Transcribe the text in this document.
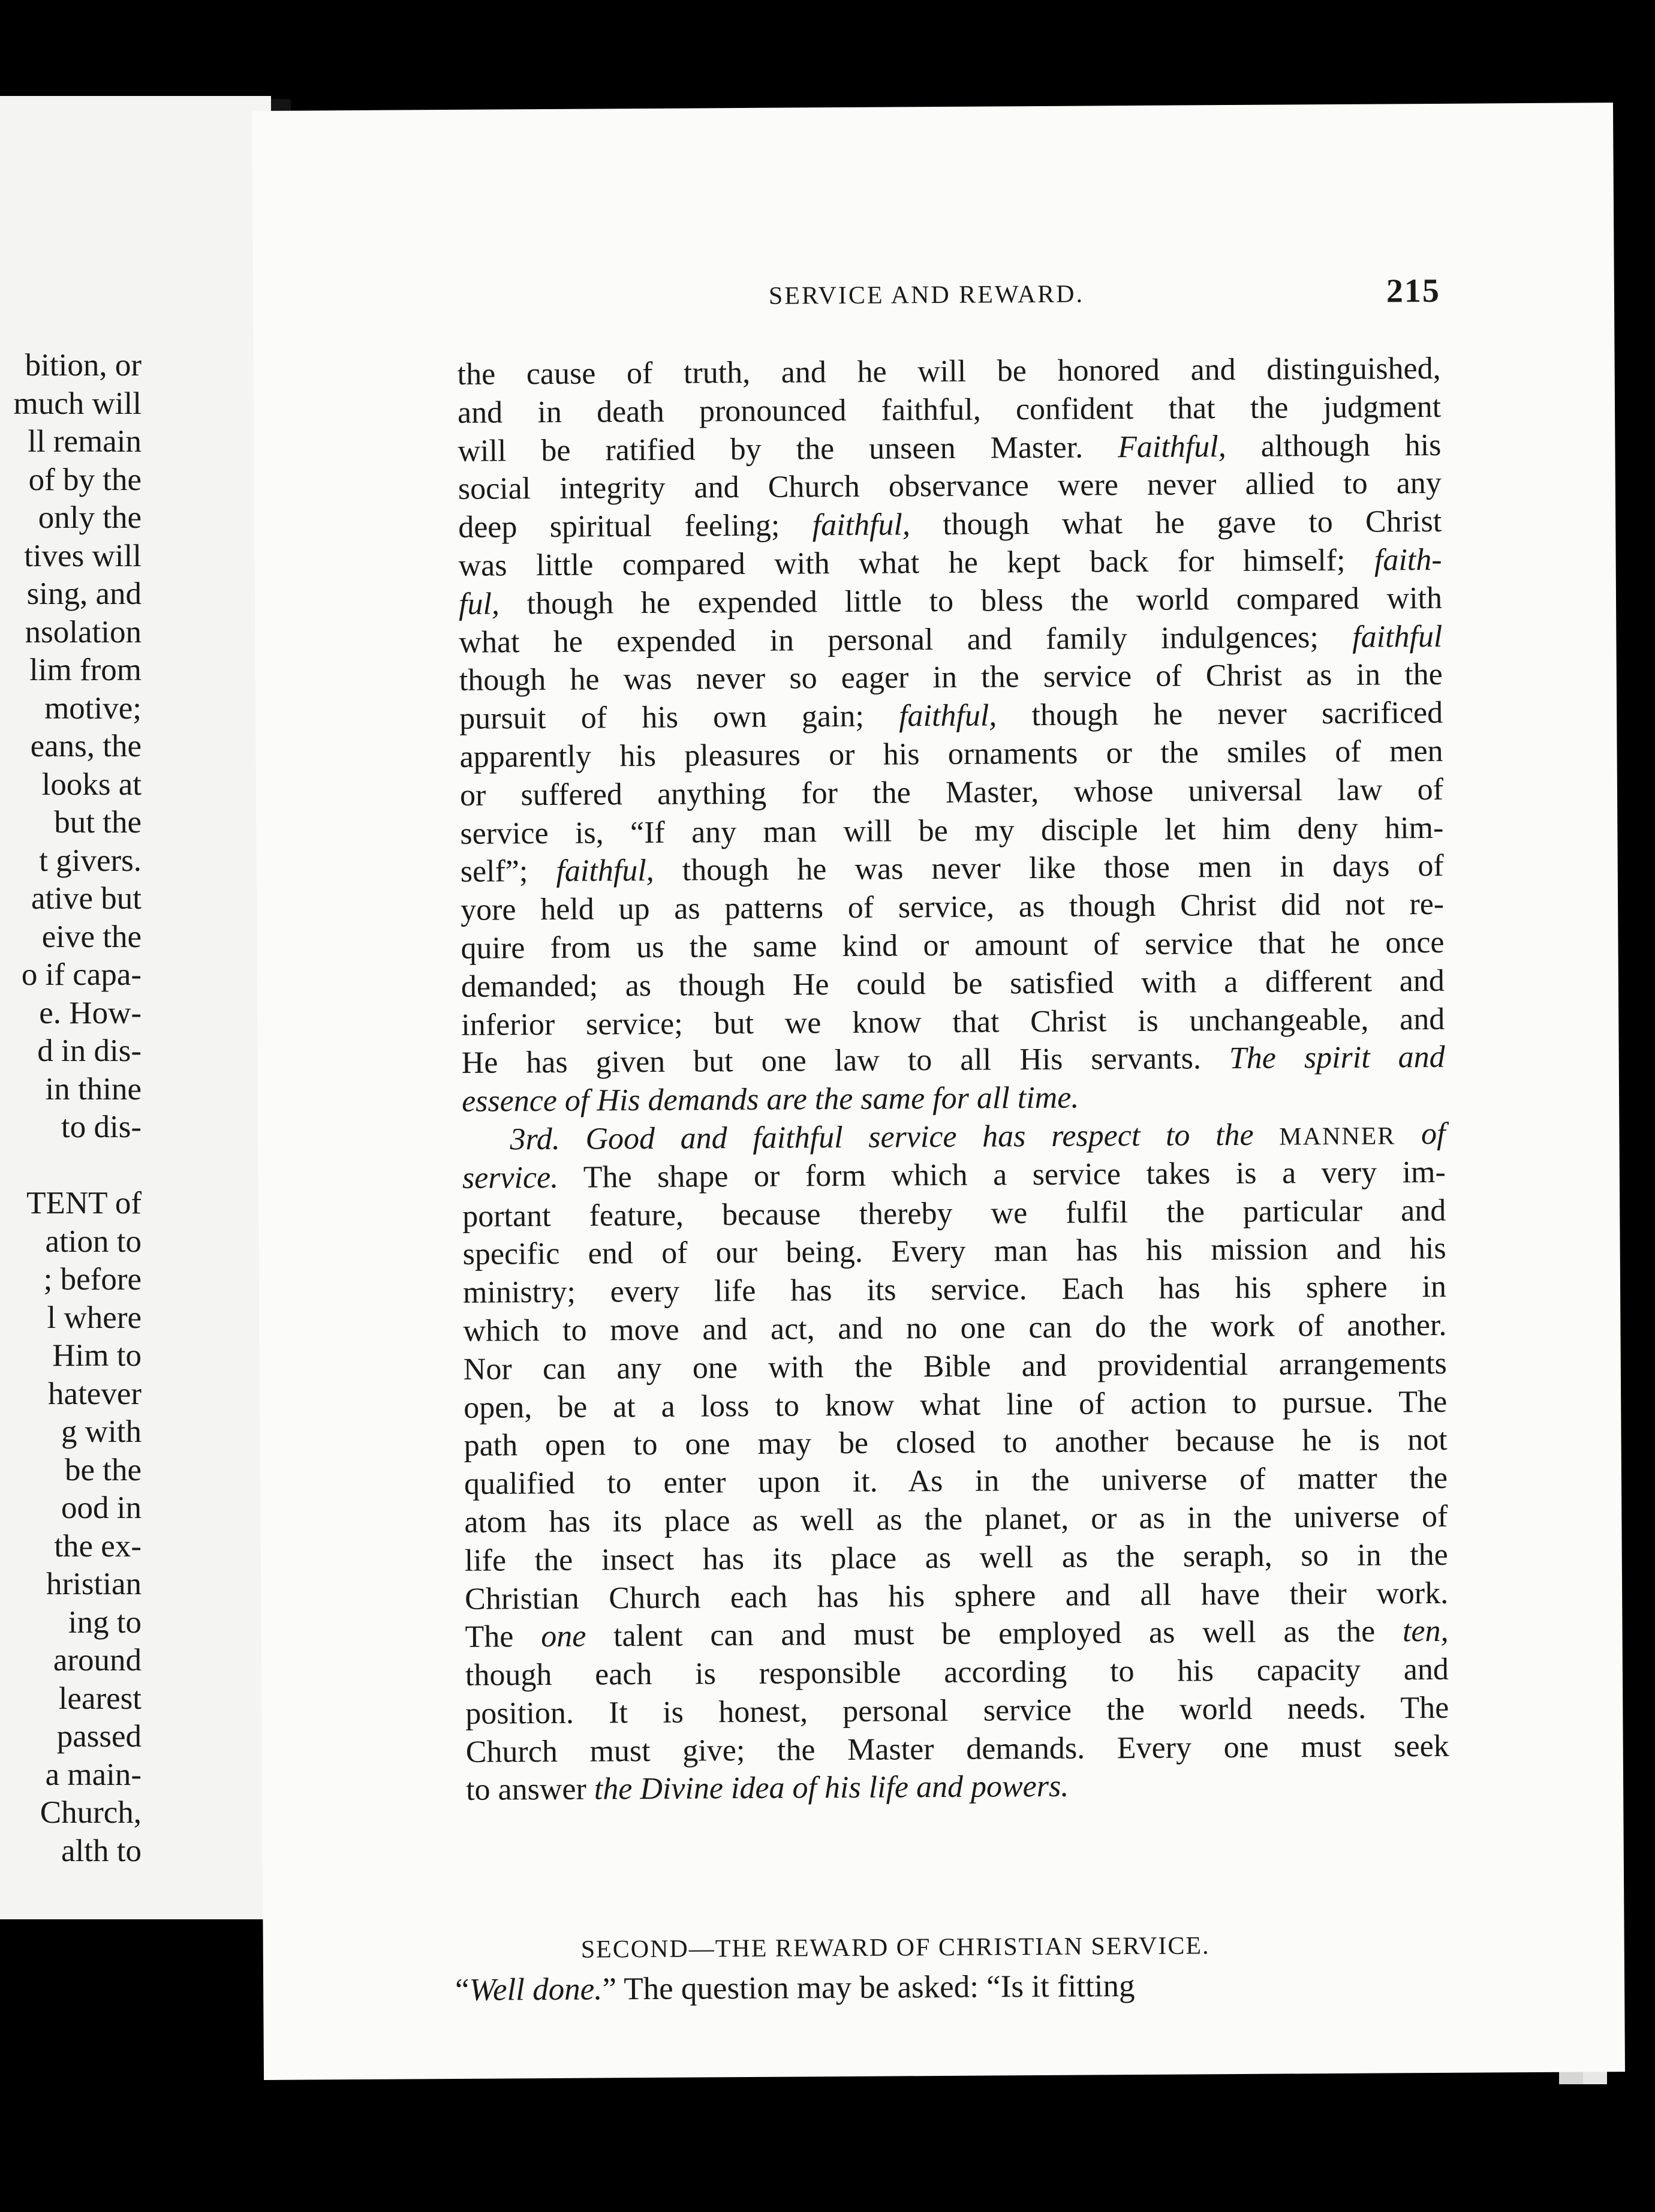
bition, or
much will
ll remain
of by the
only the
tives will
sing, and
nsolation
lim from
motive;
eans, the
looks at
but the
t givers.
ative but
eive the
o if capa-
e. How-
d in dis-
in thine
to dis-
TENT of
ation to
; before
l where
Him to
hatever
g with
be the
ood in
the ex-
hristian
ing to
around
learest
passed
a main-
Church,
alth to
SERVICE AND REWARD.	215
the cause of truth, and he will be honored and distinguished,
and in death pronounced faithful, confident that the judgment
will be ratified by the unseen Master. Faithful, although his
social integrity and Church observance were never allied to any
deep spiritual feeling; faithful, though what he gave to Christ
was little compared with what he kept back for himself; faith-
ful, though he expended little to bless the world compared with
what he expended in personal and family indulgences; faithful
though he was never so eager in the service of Christ as in the
pursuit of his own gain; faithful, though he never sacrificed
apparently his pleasures or his ornaments or the smiles of men
or suffered anything for the Master, whose universal law of
service is, “If any man will be my disciple let him deny him-
self”; faithful, though he was never like those men in days of
yore held up as patterns of service, as though Christ did not re-
quire from us the same kind or amount of service that he once
demanded; as though He could be satisfied with a different and
inferior service; but we know that Christ is unchangeable, and
He has given but one law to all His servants. The spirit and
essence of His demands are the same for all time.
3rd. Good and faithful service has respect to the MANNER of
service. The shape or form which a service takes is a very im-
portant feature, because thereby we fulfil the particular and
specific end of our being. Every man has his mission and his
ministry; every life has its service. Each has his sphere in
which to move and act, and no one can do the work of another.
Nor can any one with the Bible and providential arrangements
open, be at a loss to know what line of action to pursue. The
path open to one may be closed to another because he is not
qualified to enter upon it. As in the universe of matter the
atom has its place as well as the planet, or as in the universe of
life the insect has its place as well as the seraph, so in the
Christian Church each has his sphere and all have their work.
The one talent can and must be employed as well as the ten,
though each is responsible according to his capacity and
position. It is honest, personal service the world needs. The
Church must give; the Master demands. Every one must seek
to answer the Divine idea of his life and powers.
SECOND—THE REWARD OF CHRISTIAN SERVICE.
“Well done.” The question may be asked: “Is it fitting
